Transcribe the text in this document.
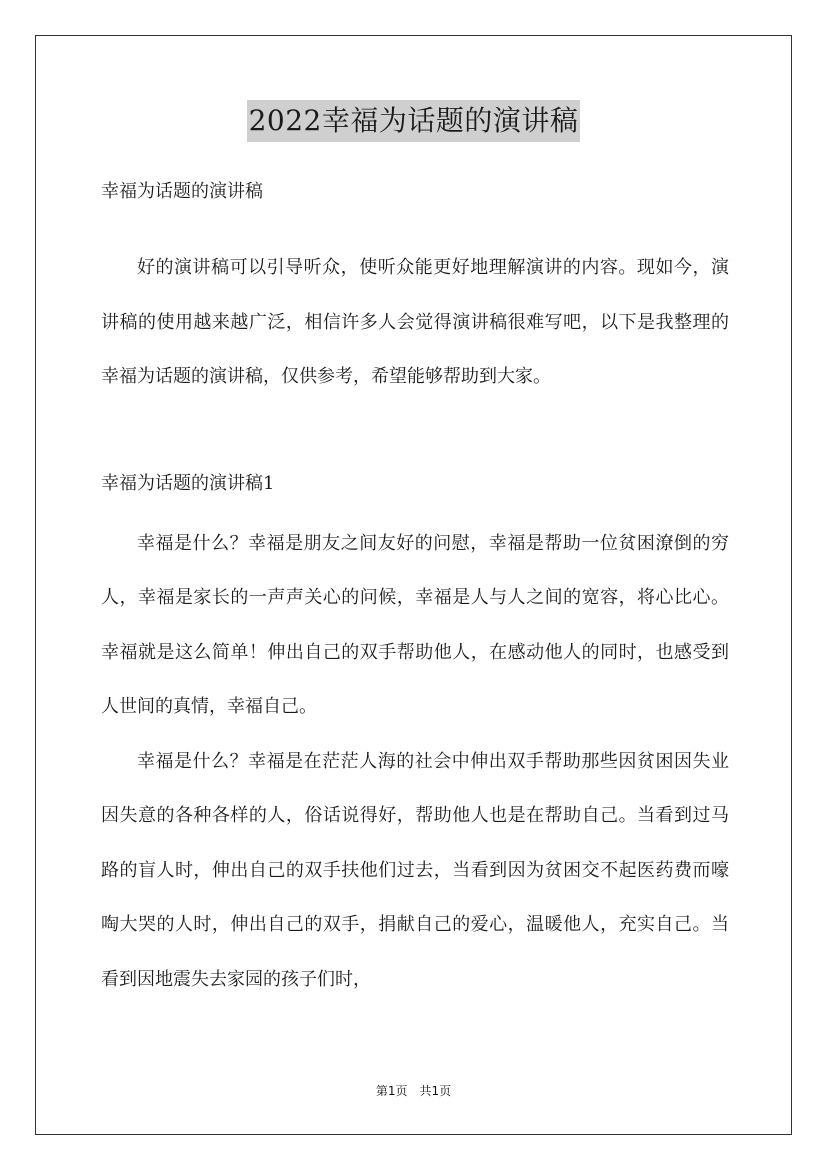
2022幸福为话题的演讲稿

幸福为话题的演讲稿

好的演讲稿可以引导听众，使听众能更好地理解演讲的内容。现如今，演讲稿的使用越来越广泛，相信许多人会觉得演讲稿很难写吧，以下是我整理的幸福为话题的演讲稿，仅供参考，希望能够帮助到大家。

幸福为话题的演讲稿1

幸福是什么？幸福是朋友之间友好的问慰，幸福是帮助一位贫困潦倒的穷人，幸福是家长的一声声关心的问候，幸福是人与人之间的宽容，将心比心。幸福就是这么简单！伸出自己的双手帮助他人，在感动他人的同时，也感受到人世间的真情，幸福自己。

幸福是什么？幸福是在茫茫人海的社会中伸出双手帮助那些因贫困因失业因失意的各种各样的人，俗话说得好，帮助他人也是在帮助自己。当看到过马路的盲人时，伸出自己的双手扶他们过去，当看到因为贫困交不起医药费而嚎啕大哭的人时，伸出自己的双手，捐献自己的爱心，温暖他人，充实自己。当看到因地震失去家园的孩子们时，

第1页　共1页
